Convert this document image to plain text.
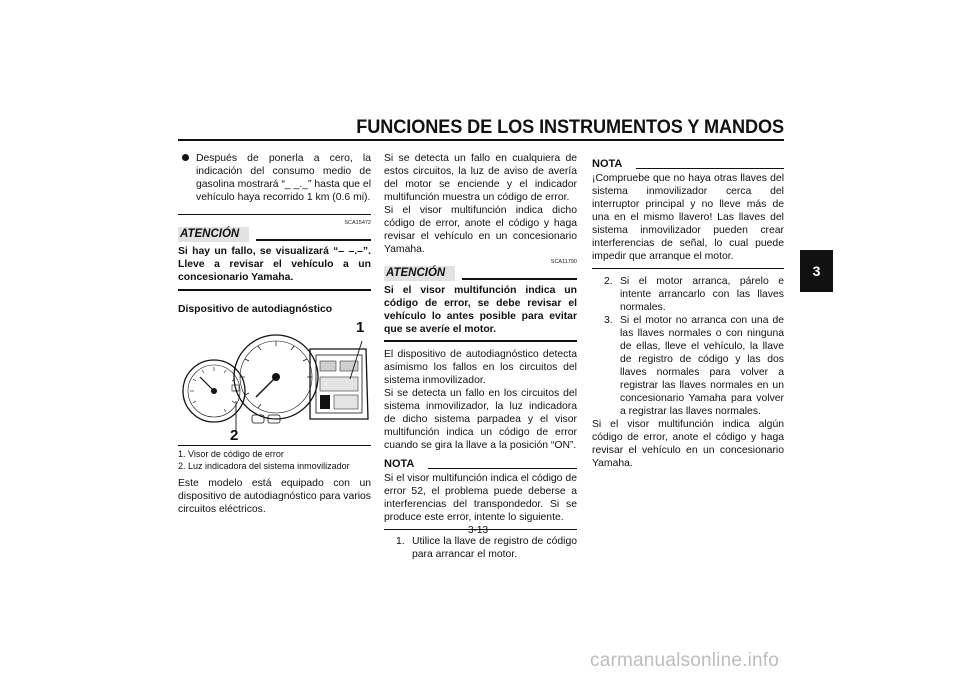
FUNCIONES DE LOS INSTRUMENTOS Y MANDOS
3

Después de ponerla a cero, la indicación del consumo medio de gasolina mostrará “_ _._” hasta que el vehículo haya recorrido 1 km (0.6 mi).

SCA15472
ATENCIÓN

Si hay un fallo, se visualizará “– –.–”. Lleve a revisar el vehículo a un concesionario Yamaha.

Dispositivo de autodiagnóstico

1
2
1. Visor de código de error
2. Luz indicadora del sistema inmovilizador

Este modelo está equipado con un dispositivo de autodiagnóstico para varios circuitos eléctricos.

Si se detecta un fallo en cualquiera de estos circuitos, la luz de aviso de avería del motor se enciende y el indicador multifunción muestra un código de error.

Si el visor multifunción indica dicho código de error, anote el código y haga revisar el vehículo en un concesionario Yamaha.

SCA11790
ATENCIÓN

Si el visor multifunción indica un código de error, se debe revisar el vehículo lo antes posible para evitar que se averíe el motor.

El dispositivo de autodiagnóstico detecta asimismo los fallos en los circuitos del sistema inmovilizador.

Si se detecta un fallo en los circuitos del sistema inmovilizador, la luz indicadora de dicho sistema parpadea y el visor multifunción indica un código de error cuando se gira la llave a la posición “ON”.

NOTA

Si el visor multifunción indica el código de error 52, el problema puede deberse a interferencias del transpondedor. Si se produce este error, intente lo siguiente.

1. Utilice la llave de registro de código para arrancar el motor.

NOTA

¡Compruebe que no haya otras llaves del sistema inmovilizador cerca del interruptor principal y no lleve más de una en el mismo llavero! Las llaves del sistema inmovilizador pueden crear interferencias de señal, lo cual puede impedir que arranque el motor.

2. Si el motor arranca, párelo e intente arrancarlo con las llaves normales.

3. Si el motor no arranca con una de las llaves normales o con ninguna de ellas, lleve el vehículo, la llave de registro de código y las dos llaves normales para volver a registrar las llaves normales en un concesionario Yamaha para volver a registrar las llaves normales.

Si el visor multifunción indica algún código de error, anote el código y haga revisar el vehículo en un concesionario Yamaha.

3-13
carmanualsonline.info
